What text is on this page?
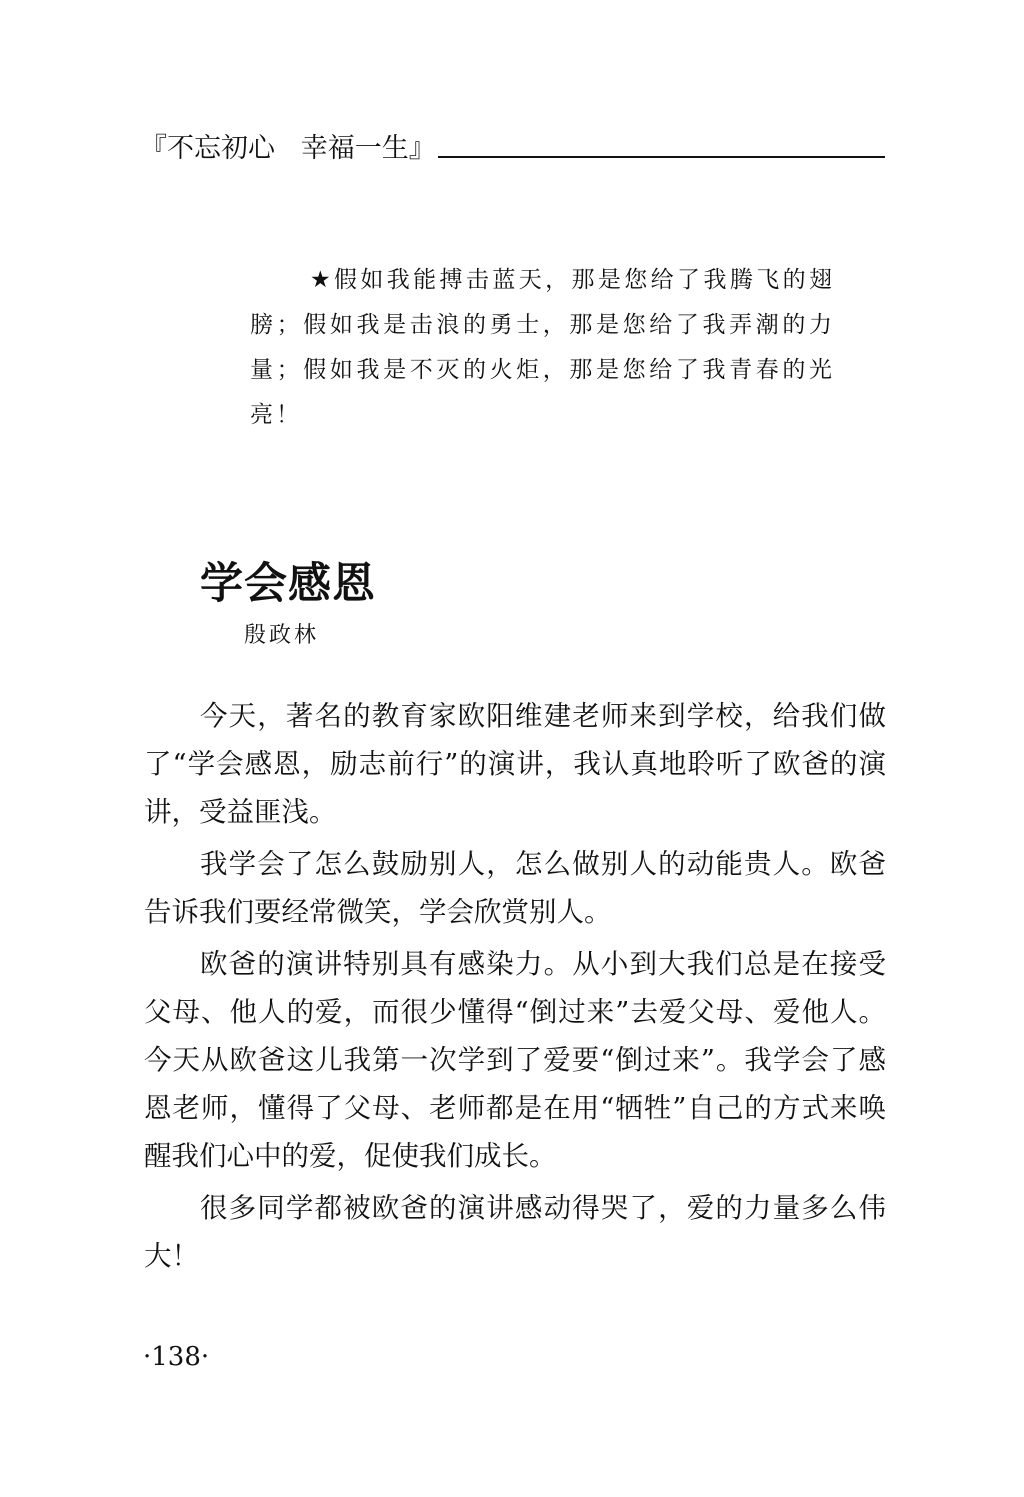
『不忘初心   幸福一生』
★假如我能搏击蓝天，那是您给了我腾飞的翅膀；假如我是击浪的勇士，那是您给了我弄潮的力量；假如我是不灭的火炬，那是您给了我青春的光亮！
学会感恩
殷政林

今天，著名的教育家欧阳维建老师来到学校，给我们做了“学会感恩，励志前行”的演讲，我认真地聆听了欧爸的演讲，受益匪浅。

我学会了怎么鼓励别人，怎么做别人的动能贵人。欧爸告诉我们要经常微笑，学会欣赏别人。

欧爸的演讲特别具有感染力。从小到大我们总是在接受父母、他人的爱，而很少懂得“倒过来”去爱父母、爱他人。今天从欧爸这儿我第一次学到了爱要“倒过来”。我学会了感恩老师，懂得了父母、老师都是在用“牺牲”自己的方式来唤醒我们心中的爱，促使我们成长。

很多同学都被欧爸的演讲感动得哭了，爱的力量多么伟大！

·138·
